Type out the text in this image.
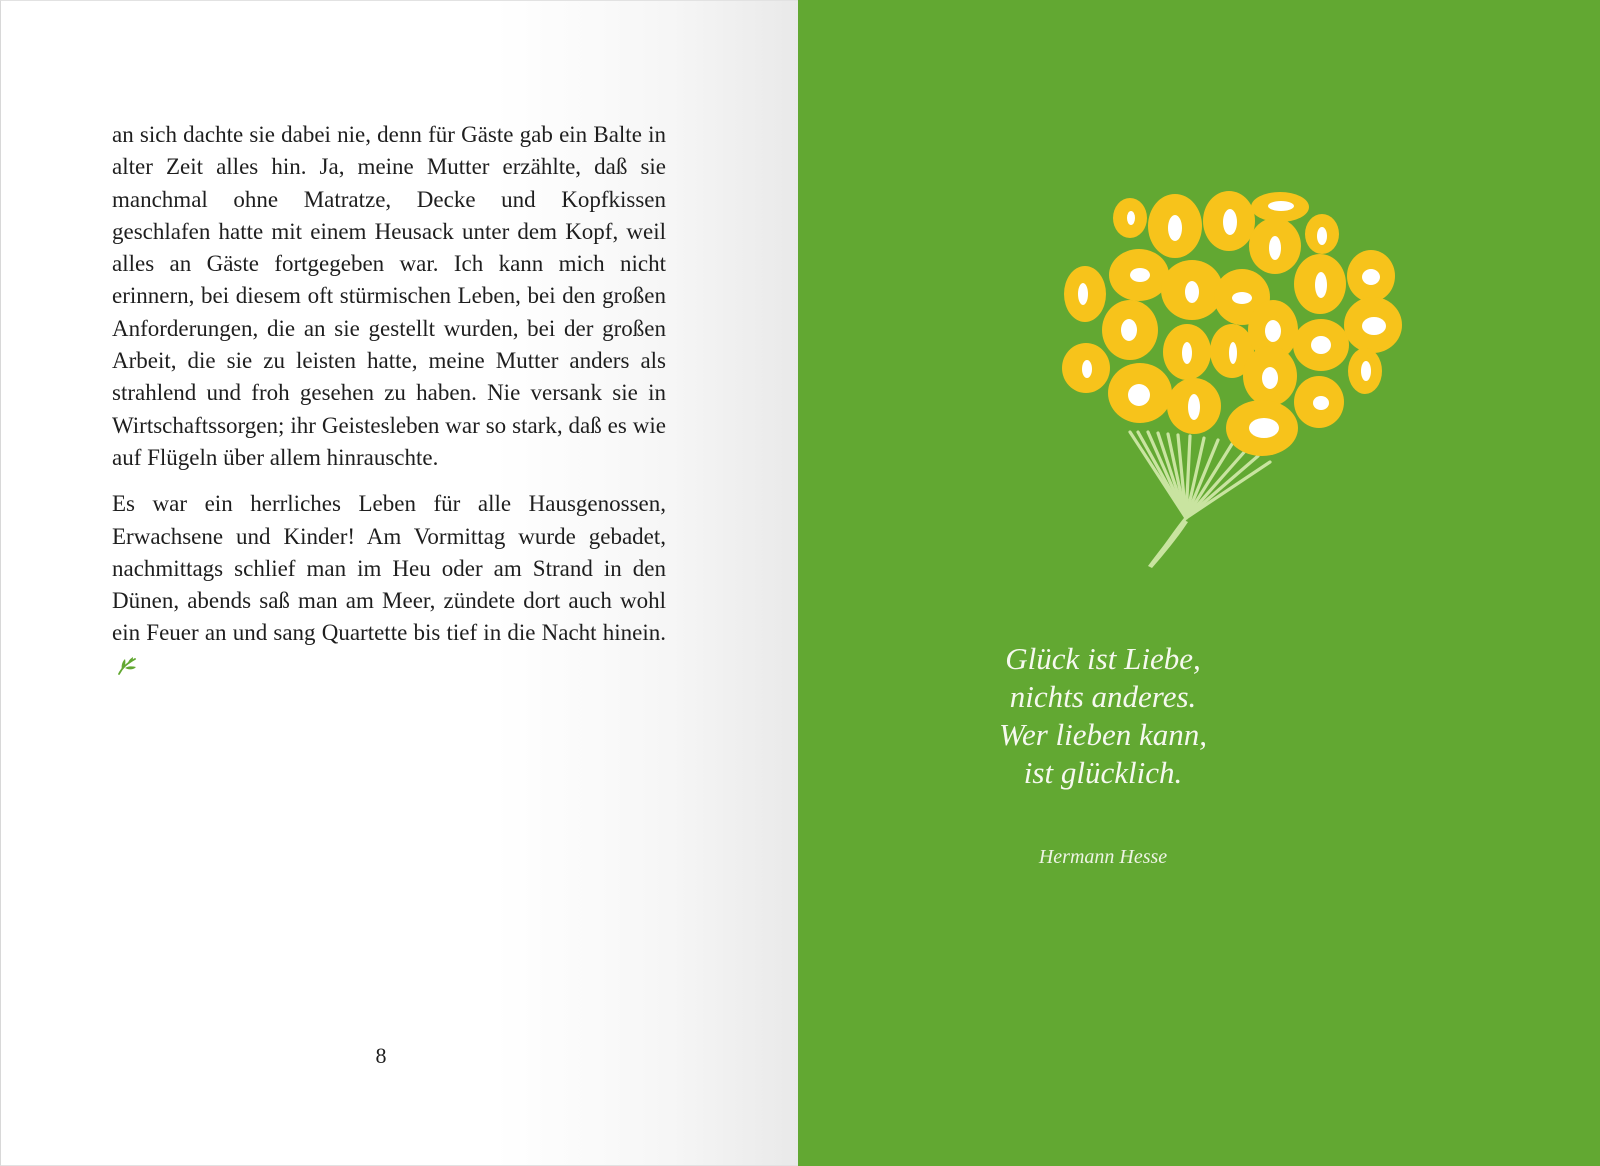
an sich dachte sie dabei nie, denn für Gäste gab ein Balte in alter Zeit alles hin. Ja, meine Mutter erzählte, daß sie manchmal ohne Matratze, Decke und Kopfkissen geschlafen hatte mit einem Heusack unter dem Kopf, weil alles an Gäste fortgegeben war. Ich kann mich nicht erinnern, bei diesem oft stürmischen Leben, bei den großen Anforderungen, die an sie gestellt wurden, bei der großen Arbeit, die sie zu leisten hatte, meine Mutter anders als strahlend und froh gesehen zu haben. Nie versank sie in Wirtschaftssorgen; ihr Geistesleben war so stark, daß es wie auf Flügeln über allem hinrauschte.

Es war ein herrliches Leben für alle Hausgenossen, Erwachsene und Kinder! Am Vormittag wurde gebadet, nachmittags schlief man im Heu oder am Strand in den Dünen, abends saß man am Meer, zündete dort auch wohl ein Feuer an und sang Quartette bis tief in die Nacht hinein.

8
Glück ist Liebe,
nichts anderes.
Wer lieben kann,
ist glücklich.
Hermann Hesse
